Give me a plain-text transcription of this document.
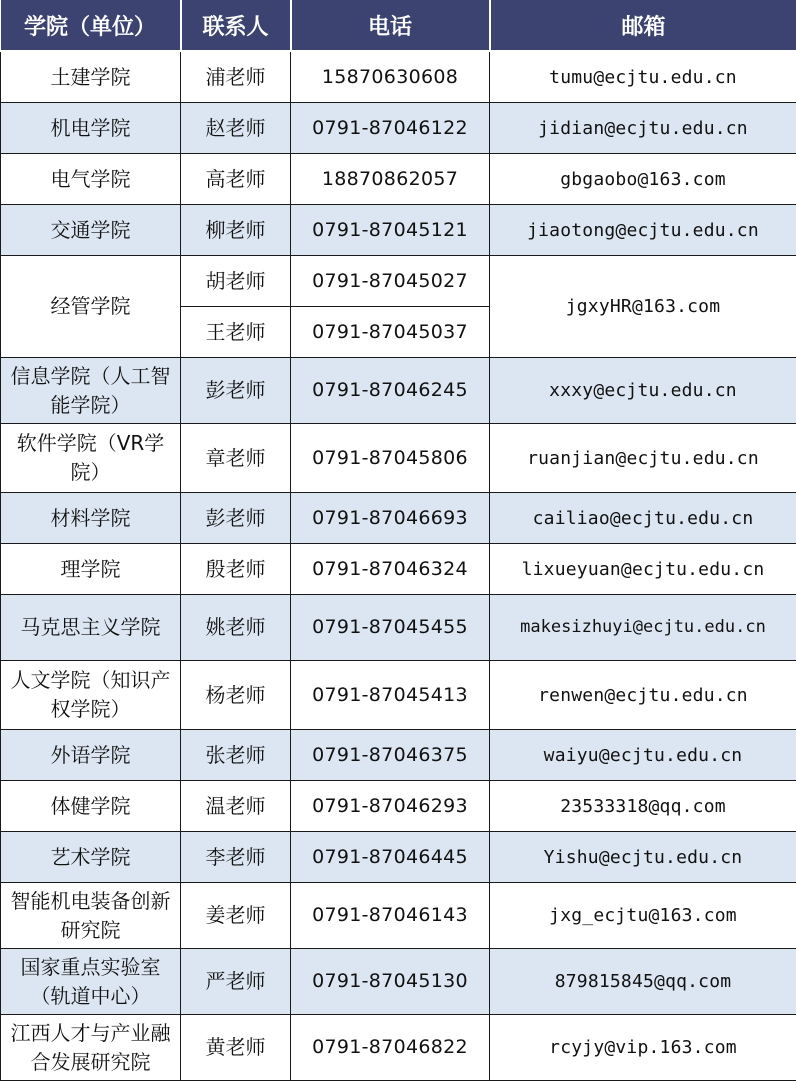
学院（单位）	联系人	电话	邮箱
土建学院	浦老师	15870630608	tumu@ecjtu.edu.cn
机电学院	赵老师	0791-87046122	jidian@ecjtu.edu.cn
电气学院	高老师	18870862057	gbgaobo@163.com
交通学院	柳老师	0791-87045121	jiaotong@ecjtu.edu.cn
经管学院	胡老师	0791-87045027	jgxyHR@163.com
	王老师	0791-87045037	
信息学院（人工智能学院）	彭老师	0791-87046245	xxxy@ecjtu.edu.cn
软件学院（VR学院）	章老师	0791-87045806	ruanjian@ecjtu.edu.cn
材料学院	彭老师	0791-87046693	cailiao@ecjtu.edu.cn
理学院	殷老师	0791-87046324	lixueyuan@ecjtu.edu.cn
马克思主义学院	姚老师	0791-87045455	makesizhuyi@ecjtu.edu.cn
人文学院（知识产权学院）	杨老师	0791-87045413	renwen@ecjtu.edu.cn
外语学院	张老师	0791-87046375	waiyu@ecjtu.edu.cn
体健学院	温老师	0791-87046293	23533318@qq.com
艺术学院	李老师	0791-87046445	Yishu@ecjtu.edu.cn
智能机电装备创新研究院	姜老师	0791-87046143	jxg_ecjtu@163.com
国家重点实验室（轨道中心）	严老师	0791-87045130	879815845@qq.com
江西人才与产业融合发展研究院	黄老师	0791-87046822	rcyjy@vip.163.com
